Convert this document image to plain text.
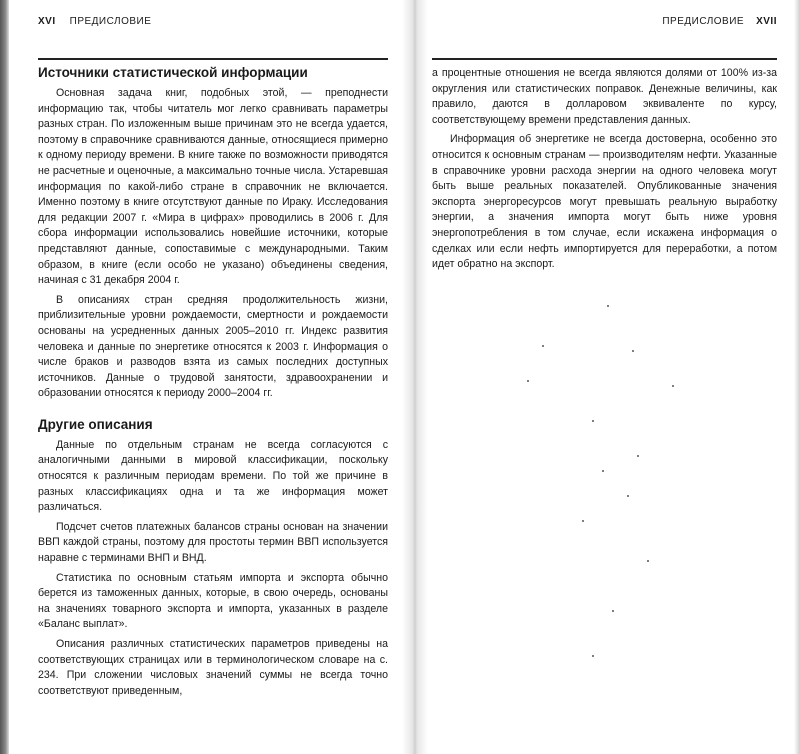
XVI ПРЕДИСЛОВИЕ
Источники статистической информации

Основная задача книг, подобных этой, — преподнести информацию так, чтобы читатель мог легко сравнивать параметры разных стран. По изложенным выше причинам это не всегда удается, поэтому в справочнике сравниваются данные, относящиеся примерно к одному периоду времени. В книге также по возможности приводятся не расчетные и оценочные, а максимально точные числа. Устаревшая информация по какой-либо стране в справочник не включается. Именно поэтому в книге отсутствуют данные по Ираку. Исследования для редакции 2007 г. «Мира в цифрах» проводились в 2006 г. Для сбора информации использовались новейшие источники, которые представляют данные, сопоставимые с международными. Таким образом, в книге (если особо не указано) объединены сведения, начиная с 31 декабря 2004 г.

В описаниях стран средняя продолжительность жизни, приблизительные уровни рождаемости, смертности и рождаемости основаны на усредненных данных 2005–2010 гг. Индекс развития человека и данные по энергетике относятся к 2003 г. Информация о числе браков и разводов взята из самых последних доступных источников. Данные о трудовой занятости, здравоохранении и образовании относятся к периоду 2000–2004 гг.

Другие описания

Данные по отдельным странам не всегда согласуются с аналогичными данными в мировой классификации, поскольку относятся к различным периодам времени. По той же причине в разных классификациях одна и та же информация может различаться.

Подсчет счетов платежных балансов страны основан на значении ВВП каждой страны, поэтому для простоты термин ВВП используется наравне с терминами ВНП и ВНД.

Статистика по основным статьям импорта и экспорта обычно берется из таможенных данных, которые, в свою очередь, основаны на значениях товарного экспорта и импорта, указанных в разделе «Баланс выплат».

Описания различных статистических параметров приведены на соответствующих страницах или в терминологическом словаре на с. 234. При сложении числовых значений суммы не всегда точно соответствуют приведенным,

ПРЕДИСЛОВИЕ XVII

а процентные отношения не всегда являются долями от 100% из-за округления или статистических поправок. Денежные величины, как правило, даются в долларовом эквиваленте по курсу, соответствующему времени представления данных.

Информация об энергетике не всегда достоверна, особенно это относится к основным странам — производителям нефти. Указанные в справочнике уровни расхода энергии на одного человека могут быть выше реальных показателей. Опубликованные значения экспорта энергоресурсов могут превышать реальную выработку энергии, а значения импорта могут быть ниже уровня энергопотребления в том случае, если искажена информация о сделках или если нефть импортируется для переработки, а потом идет обратно на экспорт.
